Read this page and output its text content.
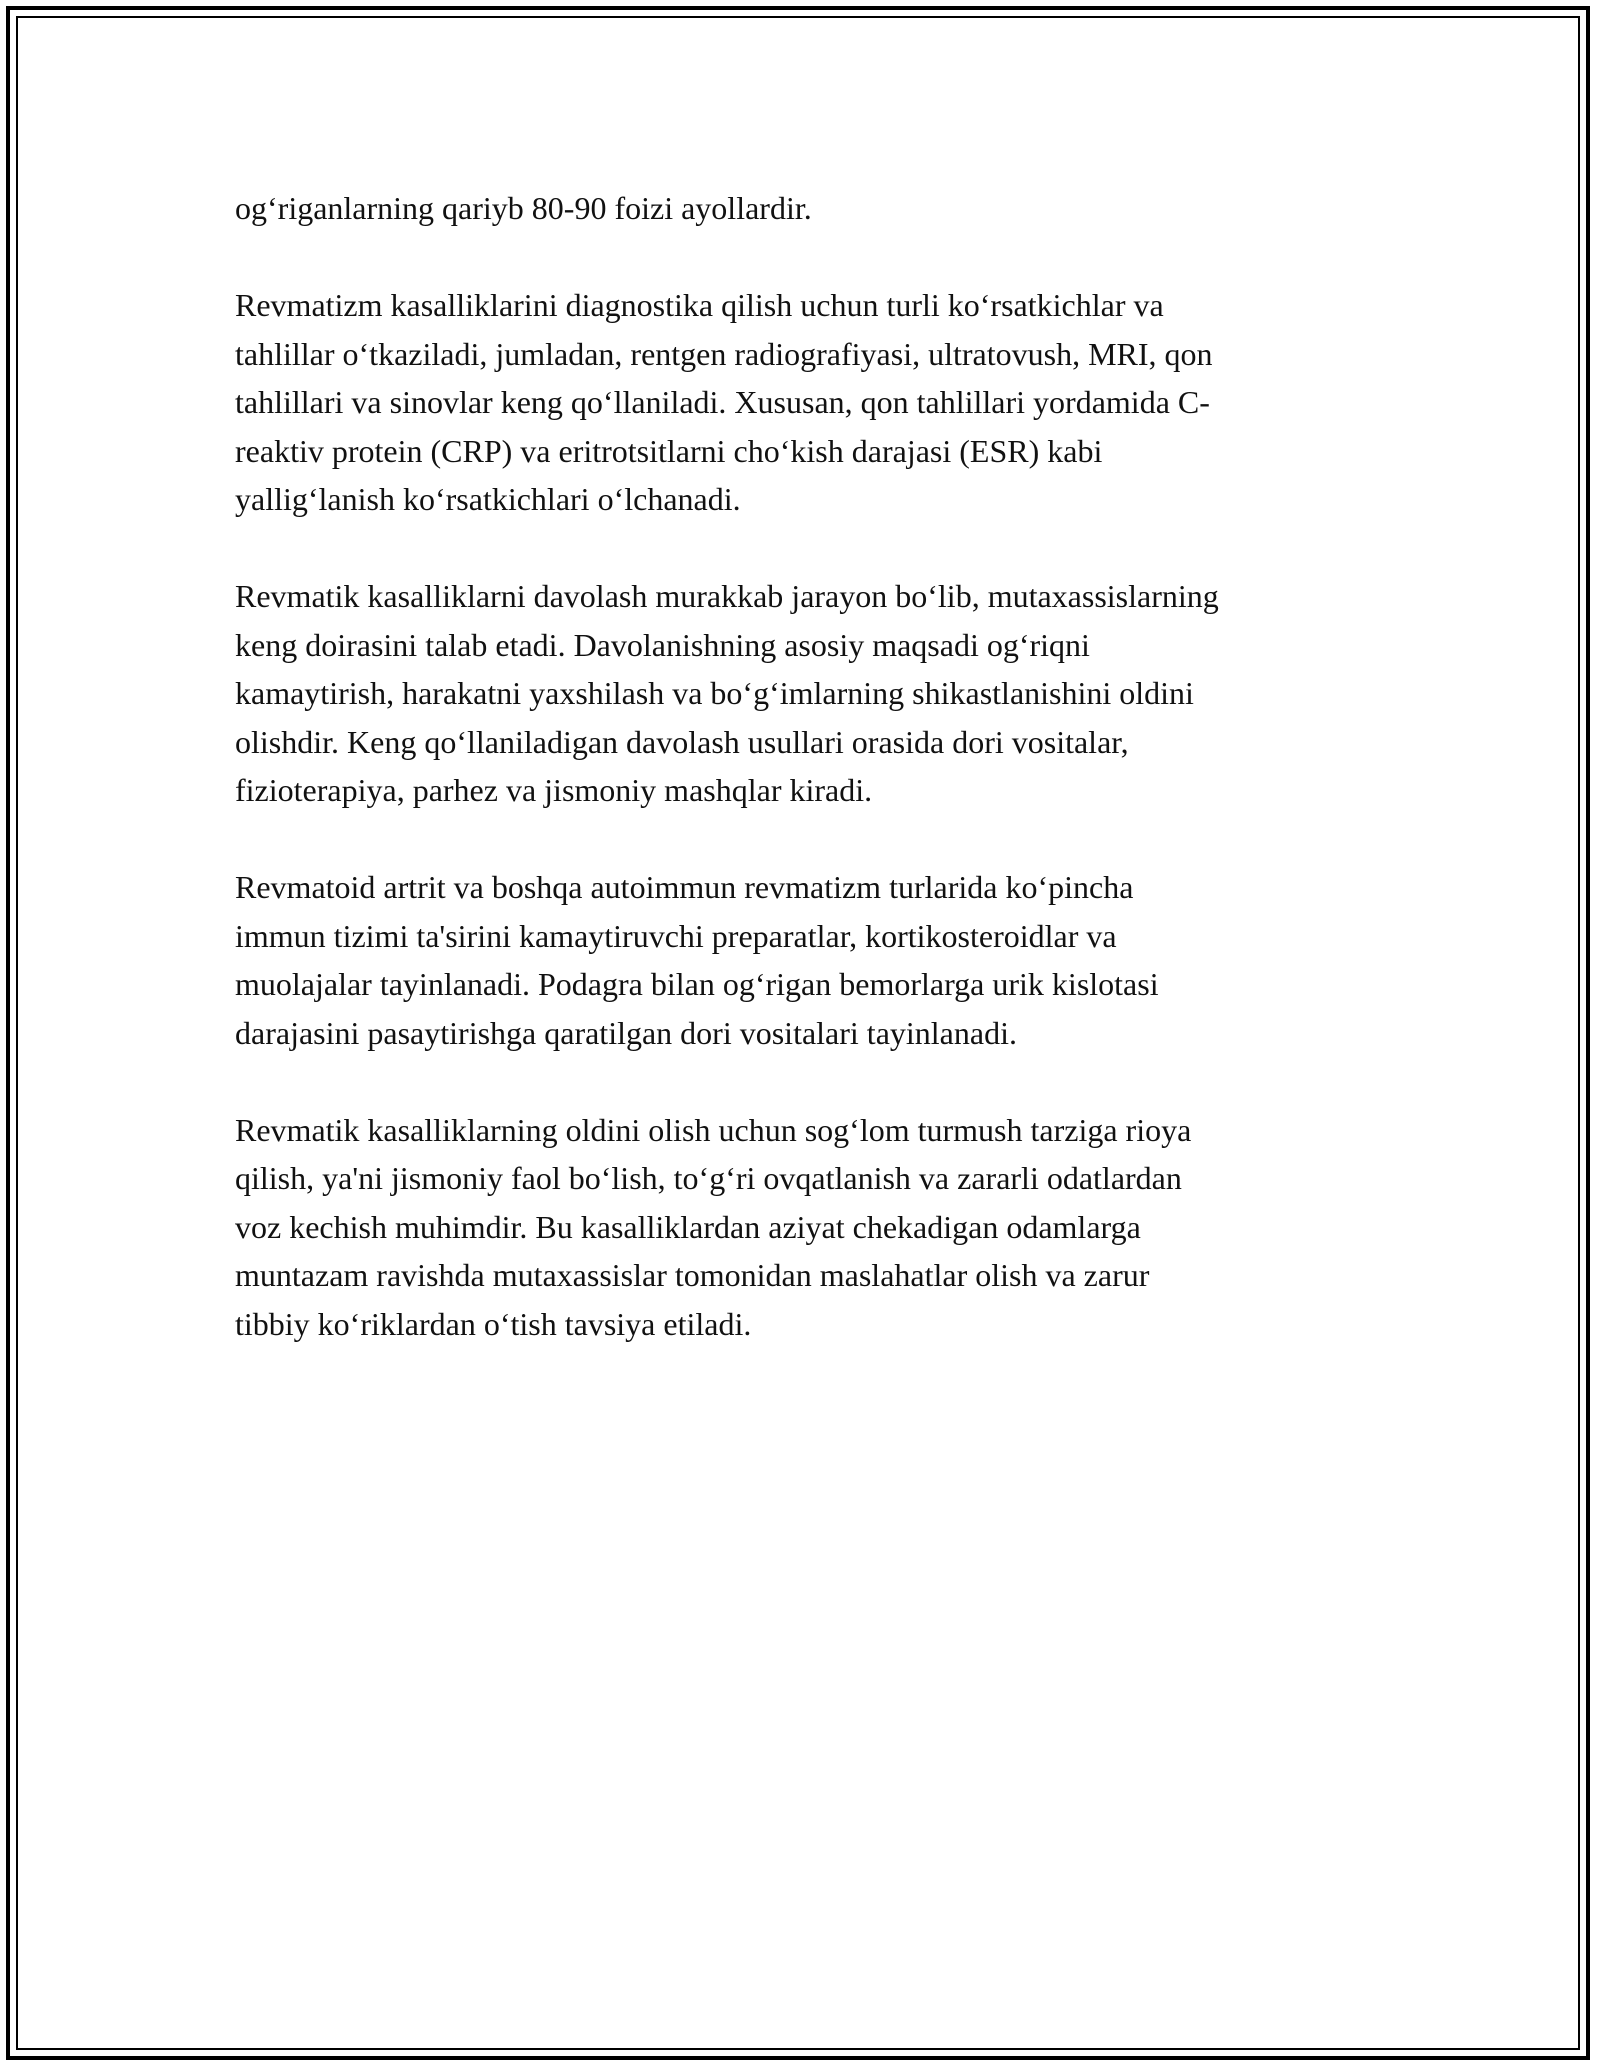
og‘riganlarning qariyb 80-90 foizi ayollardir.

Revmatizm kasalliklarini diagnostika qilish uchun turli ko‘rsatkichlar va
tahlillar o‘tkaziladi, jumladan, rentgen radiografiyasi, ultratovush, MRI, qon
tahlillari va sinovlar keng qo‘llaniladi. Xususan, qon tahlillari yordamida C-
reaktiv protein (CRP) va eritrotsitlarni cho‘kish darajasi (ESR) kabi
yallig‘lanish ko‘rsatkichlari o‘lchanadi.

Revmatik kasalliklarni davolash murakkab jarayon bo‘lib, mutaxassislarning
keng doirasini talab etadi. Davolanishning asosiy maqsadi og‘riqni
kamaytirish, harakatni yaxshilash va bo‘g‘imlarning shikastlanishini oldini
olishdir. Keng qo‘llaniladigan davolash usullari orasida dori vositalar,
fizioterapiya, parhez va jismoniy mashqlar kiradi.

Revmatoid artrit va boshqa autoimmun revmatizm turlarida ko‘pincha
immun tizimi ta'sirini kamaytiruvchi preparatlar, kortikosteroidlar va
muolajalar tayinlanadi. Podagra bilan og‘rigan bemorlarga urik kislotasi
darajasini pasaytirishga qaratilgan dori vositalari tayinlanadi.

Revmatik kasalliklarning oldini olish uchun sog‘lom turmush tarziga rioya
qilish, ya'ni jismoniy faol bo‘lish, to‘g‘ri ovqatlanish va zararli odatlardan
voz kechish muhimdir. Bu kasalliklardan aziyat chekadigan odamlarga
muntazam ravishda mutaxassislar tomonidan maslahatlar olish va zarur
tibbiy ko‘riklardan o‘tish tavsiya etiladi.
